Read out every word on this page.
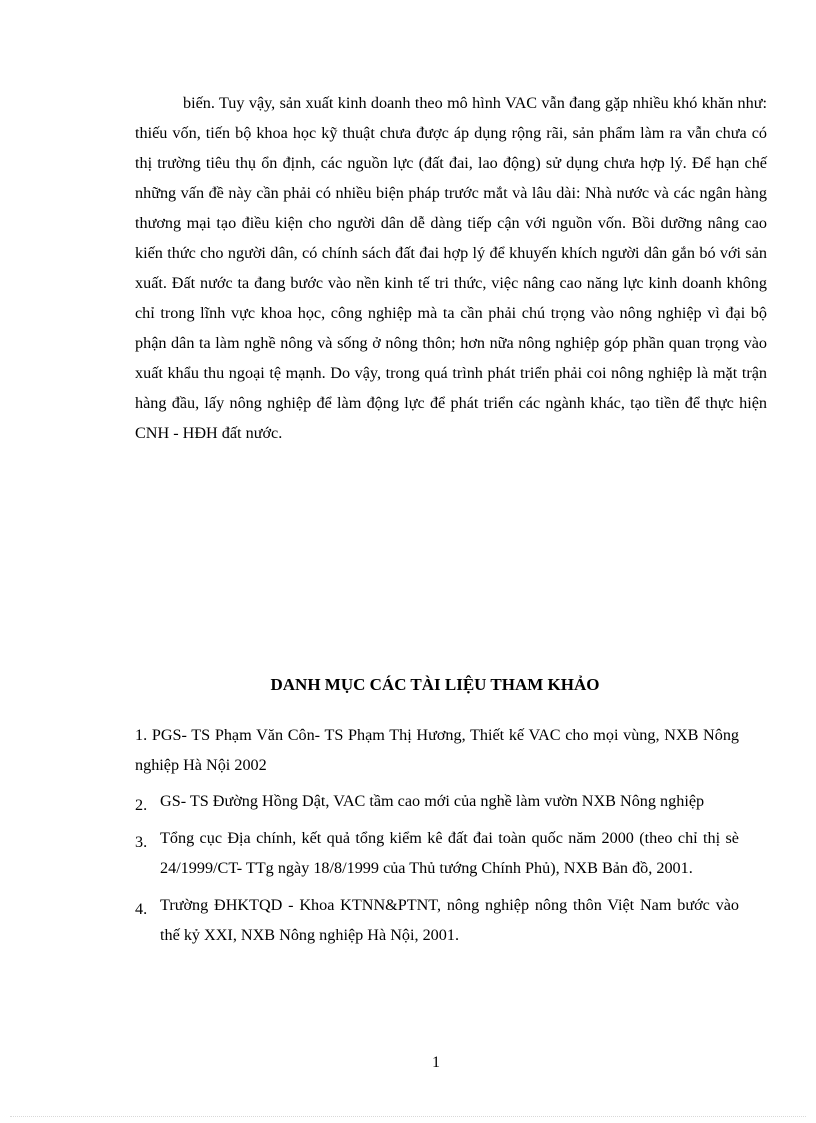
biến. Tuy vậy, sản xuất kinh doanh theo mô hình VAC vẫn đang gặp nhiều khó khăn như: thiếu vốn, tiến bộ khoa học kỹ thuật chưa được áp dụng rộng rãi, sản phẩm làm ra vẫn chưa có thị trường tiêu thụ ổn định, các nguồn lực (đất đai, lao động) sử dụng chưa hợp lý. Để hạn chế những vấn đề này cần phải có nhiều biện pháp trước mắt và lâu dài: Nhà nước và các ngân hàng thương mại tạo điều kiện cho người dân dễ dàng tiếp cận với nguồn vốn. Bồi dưỡng nâng cao kiến thức cho người dân, có chính sách đất đai hợp lý để khuyến khích người dân gắn bó với sản xuất. Đất nước ta đang bước vào nền kinh tế tri thức, việc nâng cao năng lực kinh doanh không chỉ trong lĩnh vực khoa học, công nghiệp mà ta cần phải chú trọng vào nông nghiệp vì đại bộ phận dân ta làm nghề nông và sống ở nông thôn; hơn nữa nông nghiệp góp phần quan trọng vào xuất khẩu thu ngoại tệ mạnh. Do vậy, trong quá trình phát triển phải coi nông nghiệp là mặt trận hàng đầu, lấy nông nghiệp để làm động lực để phát triển các ngành khác, tạo tiền để thực hiện CNH - HĐH đất nước.

DANH MỤC CÁC TÀI LIỆU THAM KHẢO
1. PGS- TS Phạm Văn Côn- TS Phạm Thị Hương, Thiết kế VAC cho mọi vùng, NXB Nông nghiệp Hà Nội 2002
2. GS- TS Đường Hồng Dật, VAC tầm cao mới của nghề làm vườn NXB Nông nghiệp
3. Tổng cục Địa chính, kết quả tổng kiểm kê đất đai toàn quốc năm 2000 (theo chỉ thị sè 24/1999/CT- TTg ngày 18/8/1999 của Thủ tướng Chính Phủ), NXB Bản đồ, 2001.
4. Trường ĐHKTQD - Khoa KTNN&PTNT, nông nghiệp nông thôn Việt Nam bước vào thế kỷ XXI, NXB Nông nghiệp Hà Nội, 2001.
1
